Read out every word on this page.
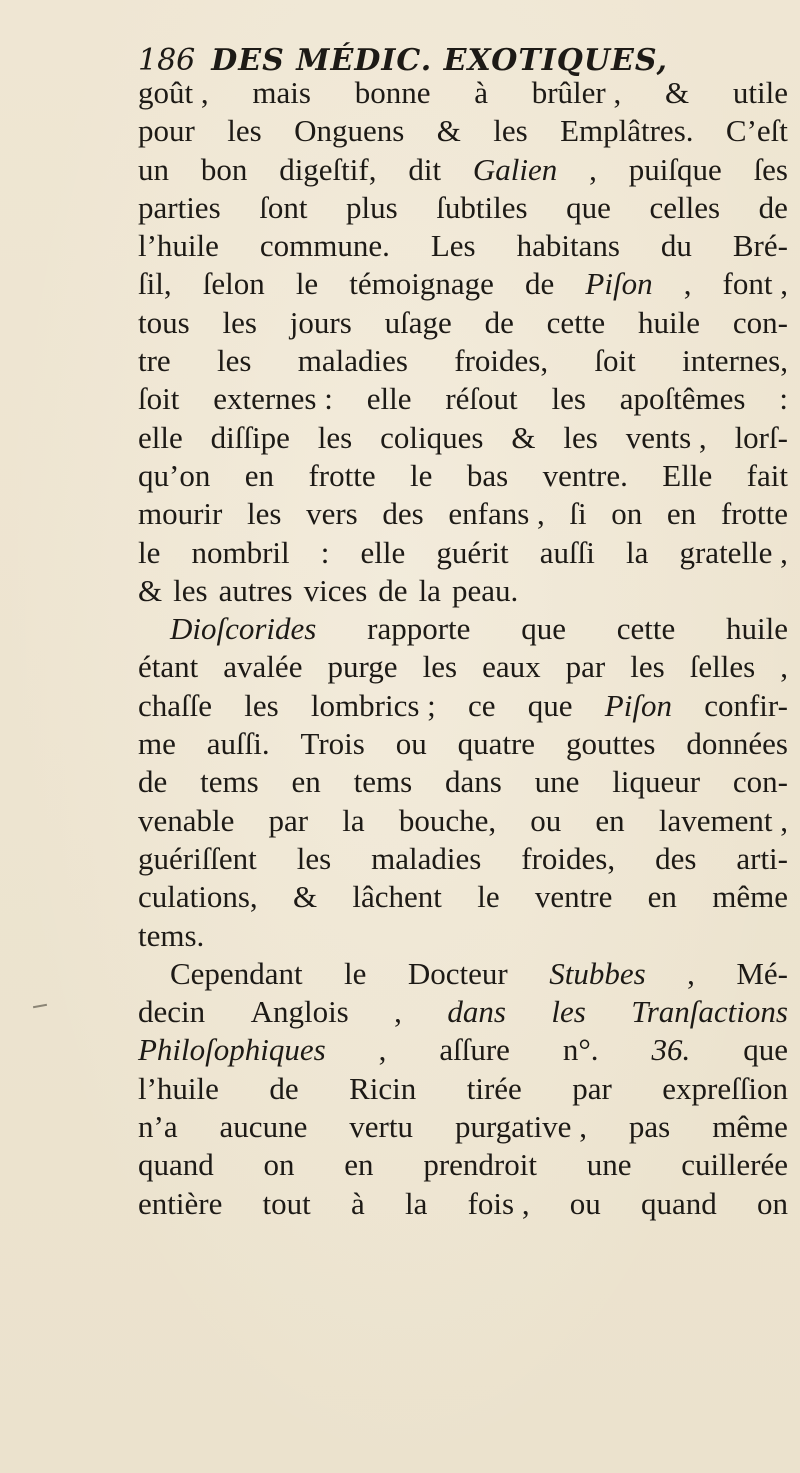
186 DES MÉDIC. EXOTIQUES,
goût , mais bonne à brûler , & utile
pour les Onguens & les Emplâtres. C’eſt
un bon digeſtif, dit Galien , puiſque ſes
parties ſont plus ſubtiles que celles de
l’huile commune. Les habitans du Bré-
ſil, ſelon le témoignage de Piſon , font ,
tous les jours uſage de cette huile con-
tre les maladies froides, ſoit internes,
ſoit externes : elle réſout les apoſtêmes :
elle diſſipe les coliques & les vents , lorſ-
qu’on en frotte le bas ventre. Elle fait
mourir les vers des enfans , ſi on en frotte
le nombril : elle guérit auſſi la gratelle ,
& les autres vices de la peau.
Dioſcorides rapporte que cette huile
étant avalée purge les eaux par les ſelles ,
chaſſe les lombrics ; ce que Piſon confir-
me auſſi. Trois ou quatre gouttes données
de tems en tems dans une liqueur con-
venable par la bouche, ou en lavement ,
guériſſent les maladies froides, des arti-
culations, & lâchent le ventre en même
tems.
Cependant le Docteur Stubbes , Mé-
decin Anglois , dans les Tranſactions
Philoſophiques , aſſure n°. 36. que
l’huile de Ricin tirée par expreſſion
n’a aucune vertu purgative , pas même
quand on en prendroit une cuillerée
entière tout à la fois , ou quand on
